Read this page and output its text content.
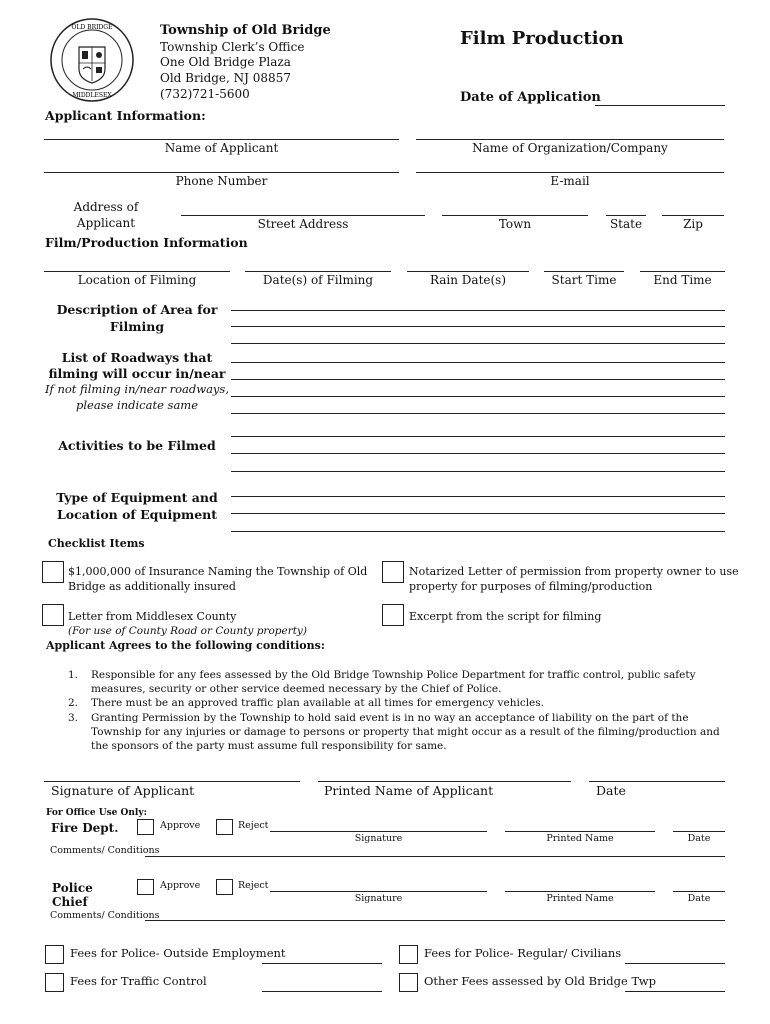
OLD BRIDGE
MIDDLESEX
Township of Old Bridge
Township Clerk’s Office
One Old Bridge Plaza
Old Bridge, NJ 08857
(732)721-5600
Film Production
Date of Application
Applicant Information:
Name of Applicant	Name of Organization/Company
Phone Number	E-mail
Address of
Applicant	Street Address	Town	State	Zip
Film/Production Information
Location of Filming	Date(s) of Filming	Rain Date(s)	Start Time	End Time
Description of Area for
Filming
List of Roadways that
filming will occur in/near
If not filming in/near roadways,
please indicate same
Activities to be Filmed
Type of Equipment and
Location of Equipment
Checklist Items
$1,000,000 of Insurance Naming the Township of Old
Bridge as additionally insured
Notarized Letter of permission from property owner to use
property for purposes of filming/production
Letter from Middlesex County
(For use of County Road or County property)
Excerpt from the script for filming
Applicant Agrees to the following conditions:
1. Responsible for any fees assessed by the Old Bridge Township Police Department for traffic control, public safety measures, security or other service deemed necessary by the Chief of Police.
2. There must be an approved traffic plan available at all times for emergency vehicles.
3. Granting Permission by the Township to hold said event is in no way an acceptance of liability on the part of the Township for any injuries or damage to persons or property that might occur as a result of the filming/production and the sponsors of the party must assume full responsibility for same.
Signature of Applicant	Printed Name of Applicant	Date
For Office Use Only:
Fire Dept.	Approve	Reject
Signature	Printed Name	Date
Comments/ Conditions
Police
Chief
Approve	Reject
Signature	Printed Name	Date
Comments/ Conditions
Fees for Police- Outside Employment	Fees for Police- Regular/ Civilians
Fees for Traffic Control	Other Fees assessed by Old Bridge Twp
